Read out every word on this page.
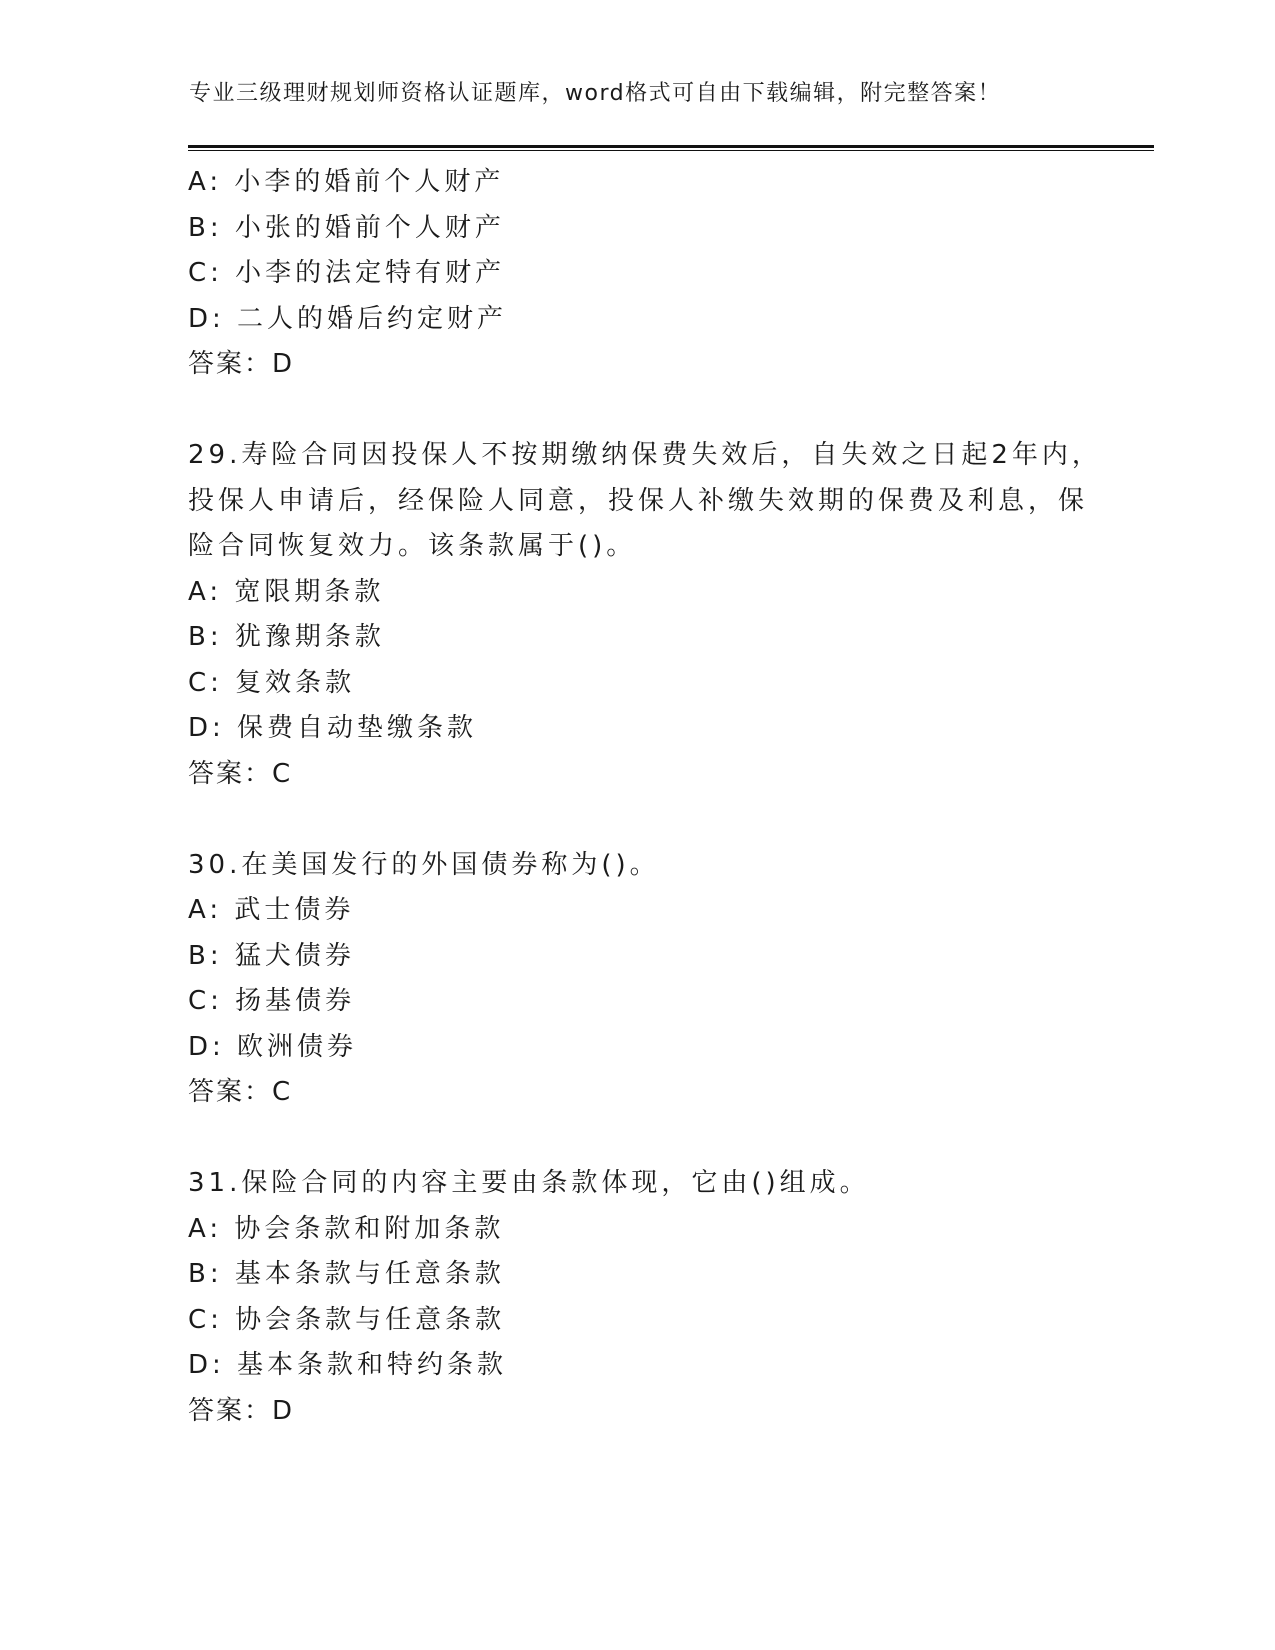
专业三级理财规划师资格认证题库，word格式可自由下载编辑，附完整答案！
A: 小李的婚前个人财产
B: 小张的婚前个人财产
C: 小李的法定特有财产
D: 二人的婚后约定财产
答案：D
29.寿险合同因投保人不按期缴纳保费失效后，自失效之日起2年内，
投保人申请后，经保险人同意，投保人补缴失效期的保费及利息，保
险合同恢复效力。该条款属于()。
A: 宽限期条款
B: 犹豫期条款
C: 复效条款
D: 保费自动垫缴条款
答案：C
30.在美国发行的外国债券称为()。
A: 武士债券
B: 猛犬债券
C: 扬基债券
D: 欧洲债券
答案：C
31.保险合同的内容主要由条款体现，它由()组成。
A: 协会条款和附加条款
B: 基本条款与任意条款
C: 协会条款与任意条款
D: 基本条款和特约条款
答案：D
